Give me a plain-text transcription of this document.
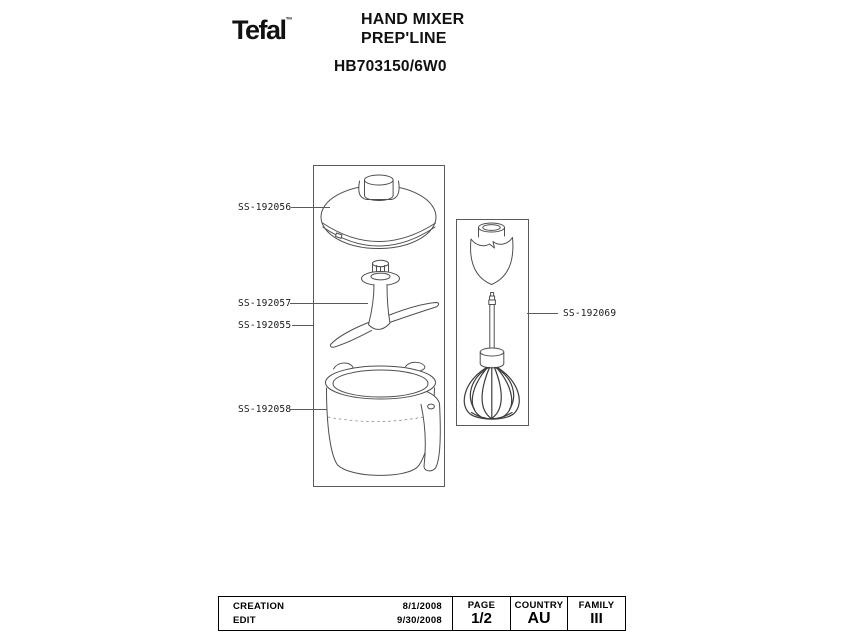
Tefal™	HAND MIXER
PREP'LINE
HB703150/6W0
SS-192056
SS-192057
SS-192055
SS-192058
SS-192069
CREATION	8/1/2008
EDIT	9/30/2008
PAGE
1/2
COUNTRY
AU
FAMILY
III
